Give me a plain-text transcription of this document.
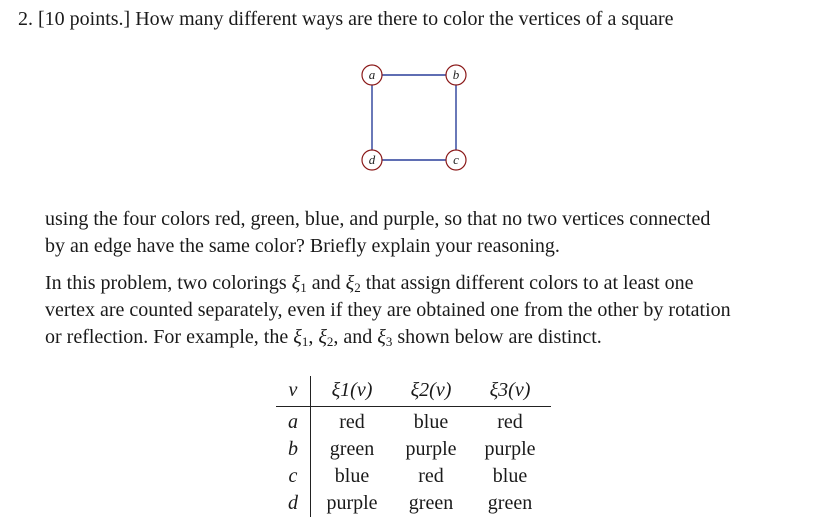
2. [10 points.] How many different ways are there to color the vertices of a square
a	b
c
d
using the four colors red, green, blue, and purple, so that no two vertices connected
by an edge have the same color? Briefly explain your reasoning.
In this problem, two colorings $\xi_1$ and $\xi_2$ that assign different colors to at least one
vertex are counted separately, even if they are obtained one from the other by rotation
or reflection. For example, the $\xi_1$, $\xi_2$, and $\xi_3$ shown below are distinct.
v	ξ1(v)	ξ2(v)	ξ3(v)
a	red	blue	red
b	green	purple	purple
c	blue	red	blue
d	purple	green	green
